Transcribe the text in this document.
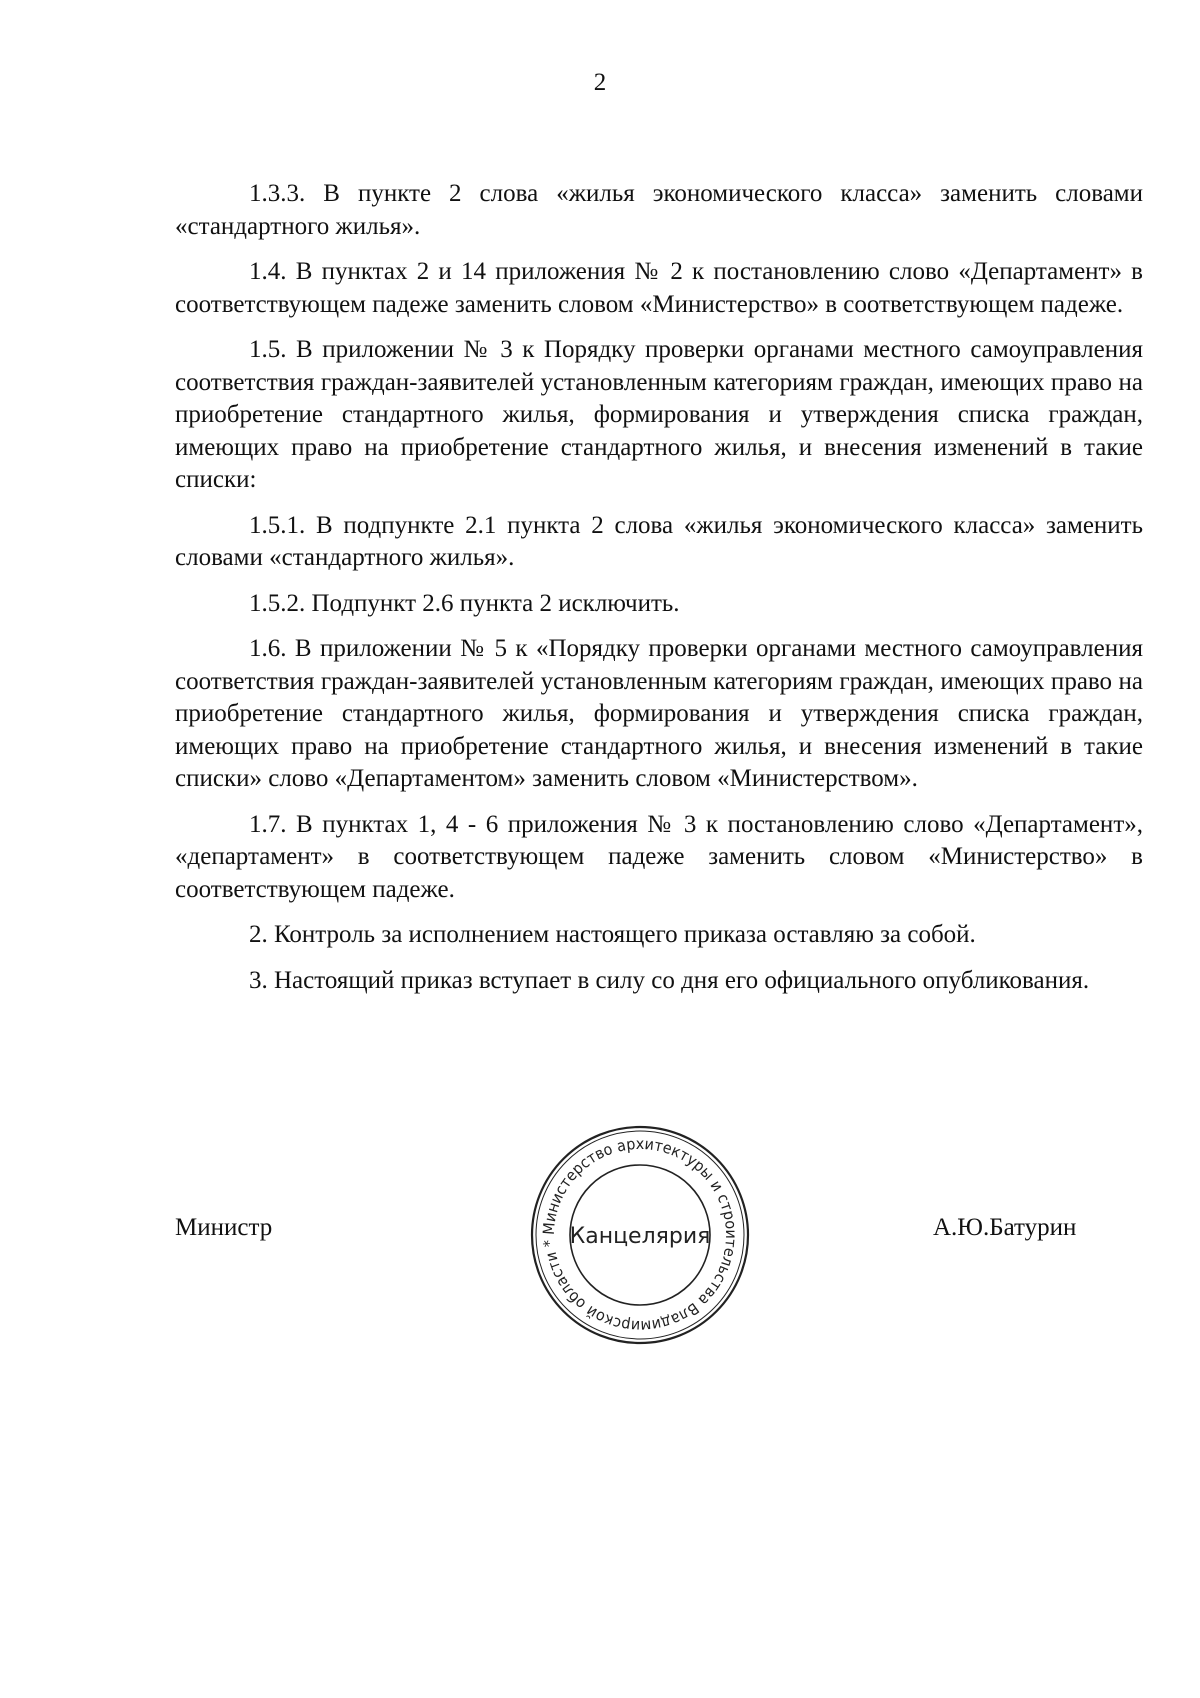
2

1.3.3. В пункте 2 слова «жилья экономического класса» заменить словами «стандартного жилья».

1.4. В пунктах 2 и 14 приложения № 2 к постановлению слово «Департамент» в соответствующем падеже заменить словом «Министерство» в соответствующем падеже.

1.5. В приложении № 3 к Порядку проверки органами местного самоуправления соответствия граждан-заявителей установленным категориям граждан, имеющих право на приобретение стандартного жилья, формирования и утверждения списка граждан, имеющих право на приобретение стандартного жилья, и внесения изменений в такие списки:

1.5.1. В подпункте 2.1 пункта 2 слова «жилья экономического класса» заменить словами «стандартного жилья».

1.5.2. Подпункт 2.6 пункта 2 исключить.

1.6. В приложении № 5 к «Порядку проверки органами местного самоуправления соответствия граждан-заявителей установленным категориям граждан, имеющих право на приобретение стандартного жилья, формирования и утверждения списка граждан, имеющих право на приобретение стандартного жилья, и внесения изменений в такие списки» слово «Департаментом» заменить словом «Министерством».

1.7. В пунктах 1, 4 - 6 приложения № 3 к постановлению слово «Департамент», «департамент» в соответствующем падеже заменить словом «Министерство» в соответствующем падеже.

2. Контроль за исполнением настоящего приказа оставляю за собой.

3. Настоящий приказ вступает в силу со дня его официального опубликования.

Министр	А.Ю.Батурин
Министерство архитектуры и строительства Владимирской области * Канцелярия
